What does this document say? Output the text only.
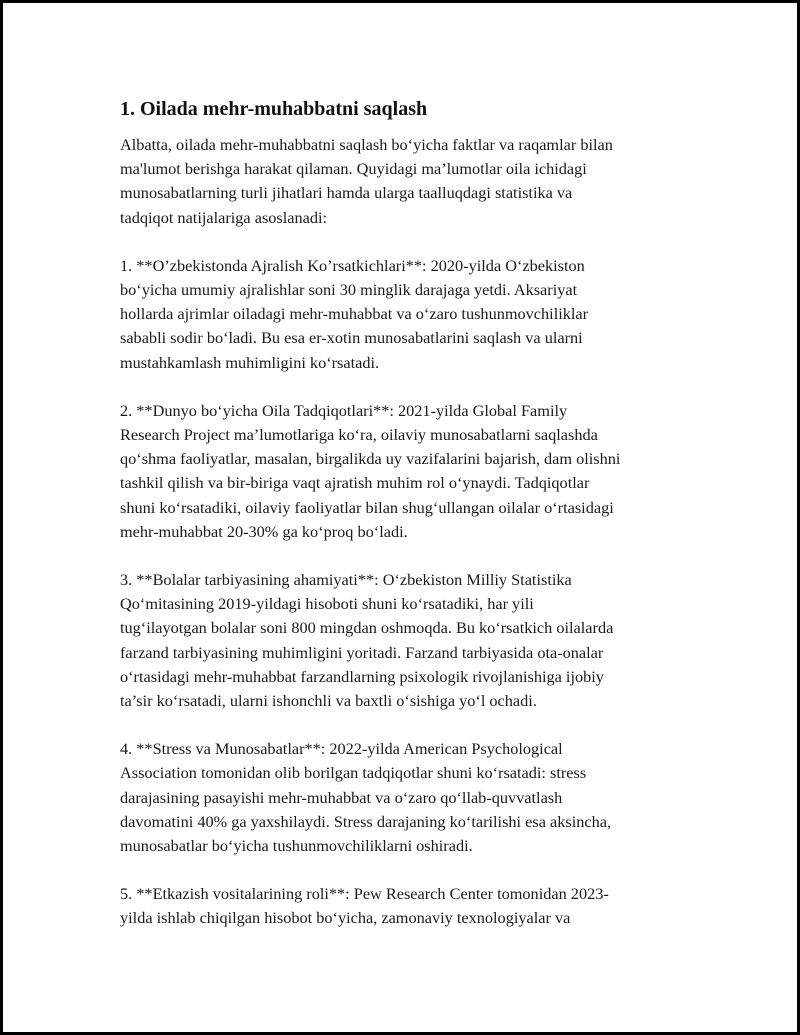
1. Oilada mehr-muhabbatni saqlash

Albatta, oilada mehr-muhabbatni saqlash bo‘yicha faktlar va raqamlar bilan
ma'lumot berishga harakat qilaman. Quyidagi ma’lumotlar oila ichidagi
munosabatlarning turli jihatlari hamda ularga taalluqdagi statistika va
tadqiqot natijalariga asoslanadi:

1. **O’zbekistonda Ajralish Ko’rsatkichlari**: 2020-yilda O‘zbekiston
bo‘yicha umumiy ajralishlar soni 30 minglik darajaga yetdi. Aksariyat
hollarda ajrimlar oiladagi mehr-muhabbat va o‘zaro tushunmovchiliklar
sababli sodir bo‘ladi. Bu esa er-xotin munosabatlarini saqlash va ularni
mustahkamlash muhimligini ko‘rsatadi.

2. **Dunyo bo‘yicha Oila Tadqiqotlari**: 2021-yilda Global Family
Research Project ma’lumotlariga ko‘ra, oilaviy munosabatlarni saqlashda
qo‘shma faoliyatlar, masalan, birgalikda uy vazifalarini bajarish, dam olishni
tashkil qilish va bir-biriga vaqt ajratish muhim rol o‘ynaydi. Tadqiqotlar
shuni ko‘rsatadiki, oilaviy faoliyatlar bilan shug‘ullangan oilalar o‘rtasidagi
mehr-muhabbat 20-30% ga ko‘proq bo‘ladi.

3. **Bolalar tarbiyasining ahamiyati**: O‘zbekiston Milliy Statistika
Qo‘mitasining 2019-yildagi hisoboti shuni ko‘rsatadiki, har yili
tug‘ilayotgan bolalar soni 800 mingdan oshmoqda. Bu ko‘rsatkich oilalarda
farzand tarbiyasining muhimligini yoritadi. Farzand tarbiyasida ota-onalar
o‘rtasidagi mehr-muhabbat farzandlarning psixologik rivojlanishiga ijobiy
ta’sir ko‘rsatadi, ularni ishonchli va baxtli o‘sishiga yo‘l ochadi.

4. **Stress va Munosabatlar**: 2022-yilda American Psychological
Association tomonidan olib borilgan tadqiqotlar shuni ko‘rsatadi: stress
darajasining pasayishi mehr-muhabbat va o‘zaro qo‘llab-quvvatlash
davomatini 40% ga yaxshilaydi. Stress darajaning ko‘tarilishi esa aksincha,
munosabatlar bo‘yicha tushunmovchiliklarni oshiradi.

5. **Etkazish vositalarining roli**: Pew Research Center tomonidan 2023-
yilda ishlab chiqilgan hisobot bo‘yicha, zamonaviy texnologiyalar va
